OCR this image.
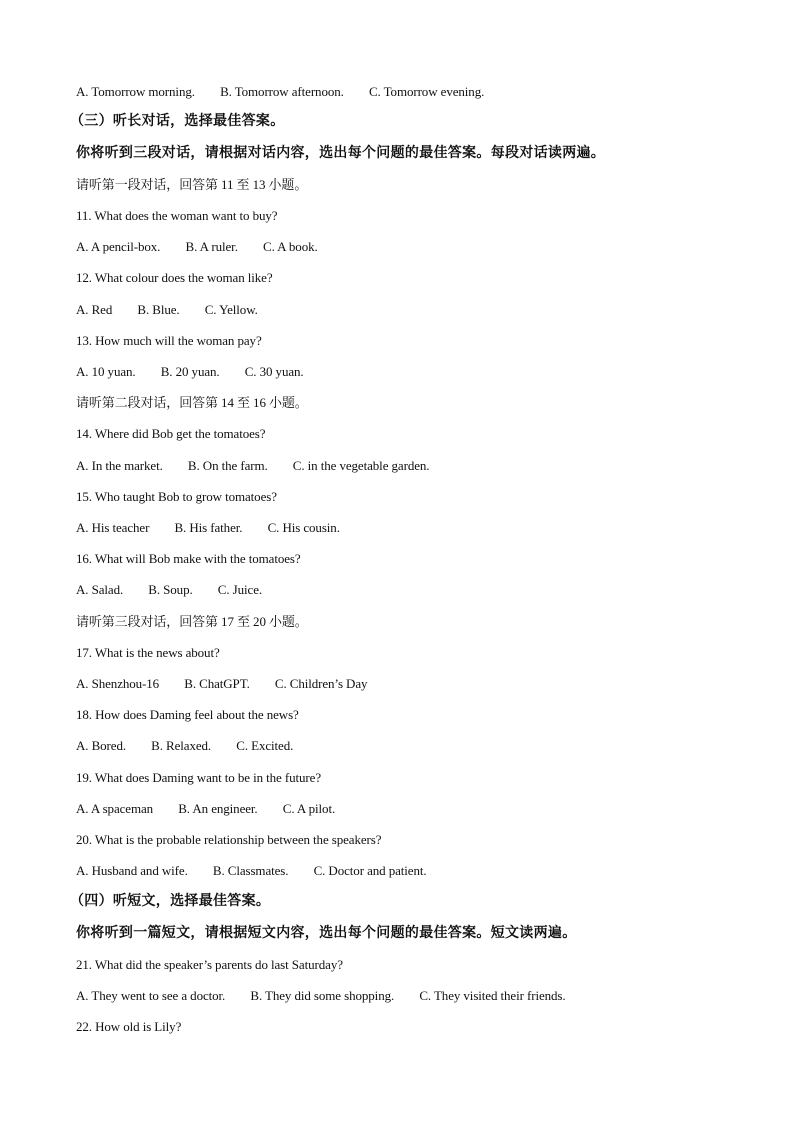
A. Tomorrow morning. B. Tomorrow afternoon. C. Tomorrow evening.
（三）听长对话，选择最佳答案。
你将听到三段对话，请根据对话内容，选出每个问题的最佳答案。每段对话读两遍。
请听第一段对话，回答第 11 至 13 小题。
11. What does the woman want to buy?
A. A pencil-box. B. A ruler. C. A book.
12. What colour does the woman like?
A. Red B. Blue. C. Yellow.
13. How much will the woman pay?
A. 10 yuan. B. 20 yuan. C. 30 yuan.
请听第二段对话，回答第 14 至 16 小题。
14. Where did Bob get the tomatoes?
A. In the market. B. On the farm. C. in the vegetable garden.
15. Who taught Bob to grow tomatoes?
A. His teacher B. His father. C. His cousin.
16. What will Bob make with the tomatoes?
A. Salad. B. Soup. C. Juice.
请听第三段对话，回答第 17 至 20 小题。
17. What is the news about?
A. Shenzhou-16 B. ChatGPT. C. Children’s Day
18. How does Daming feel about the news?
A. Bored. B. Relaxed. C. Excited.
19. What does Daming want to be in the future?
A. A spaceman B. An engineer. C. A pilot.
20. What is the probable relationship between the speakers?
A. Husband and wife. B. Classmates. C. Doctor and patient.
（四）听短文，选择最佳答案。
你将听到一篇短文，请根据短文内容，选出每个问题的最佳答案。短文读两遍。
21. What did the speaker’s parents do last Saturday?
A. They went to see a doctor. B. They did some shopping. C. They visited their friends.
22. How old is Lily?
